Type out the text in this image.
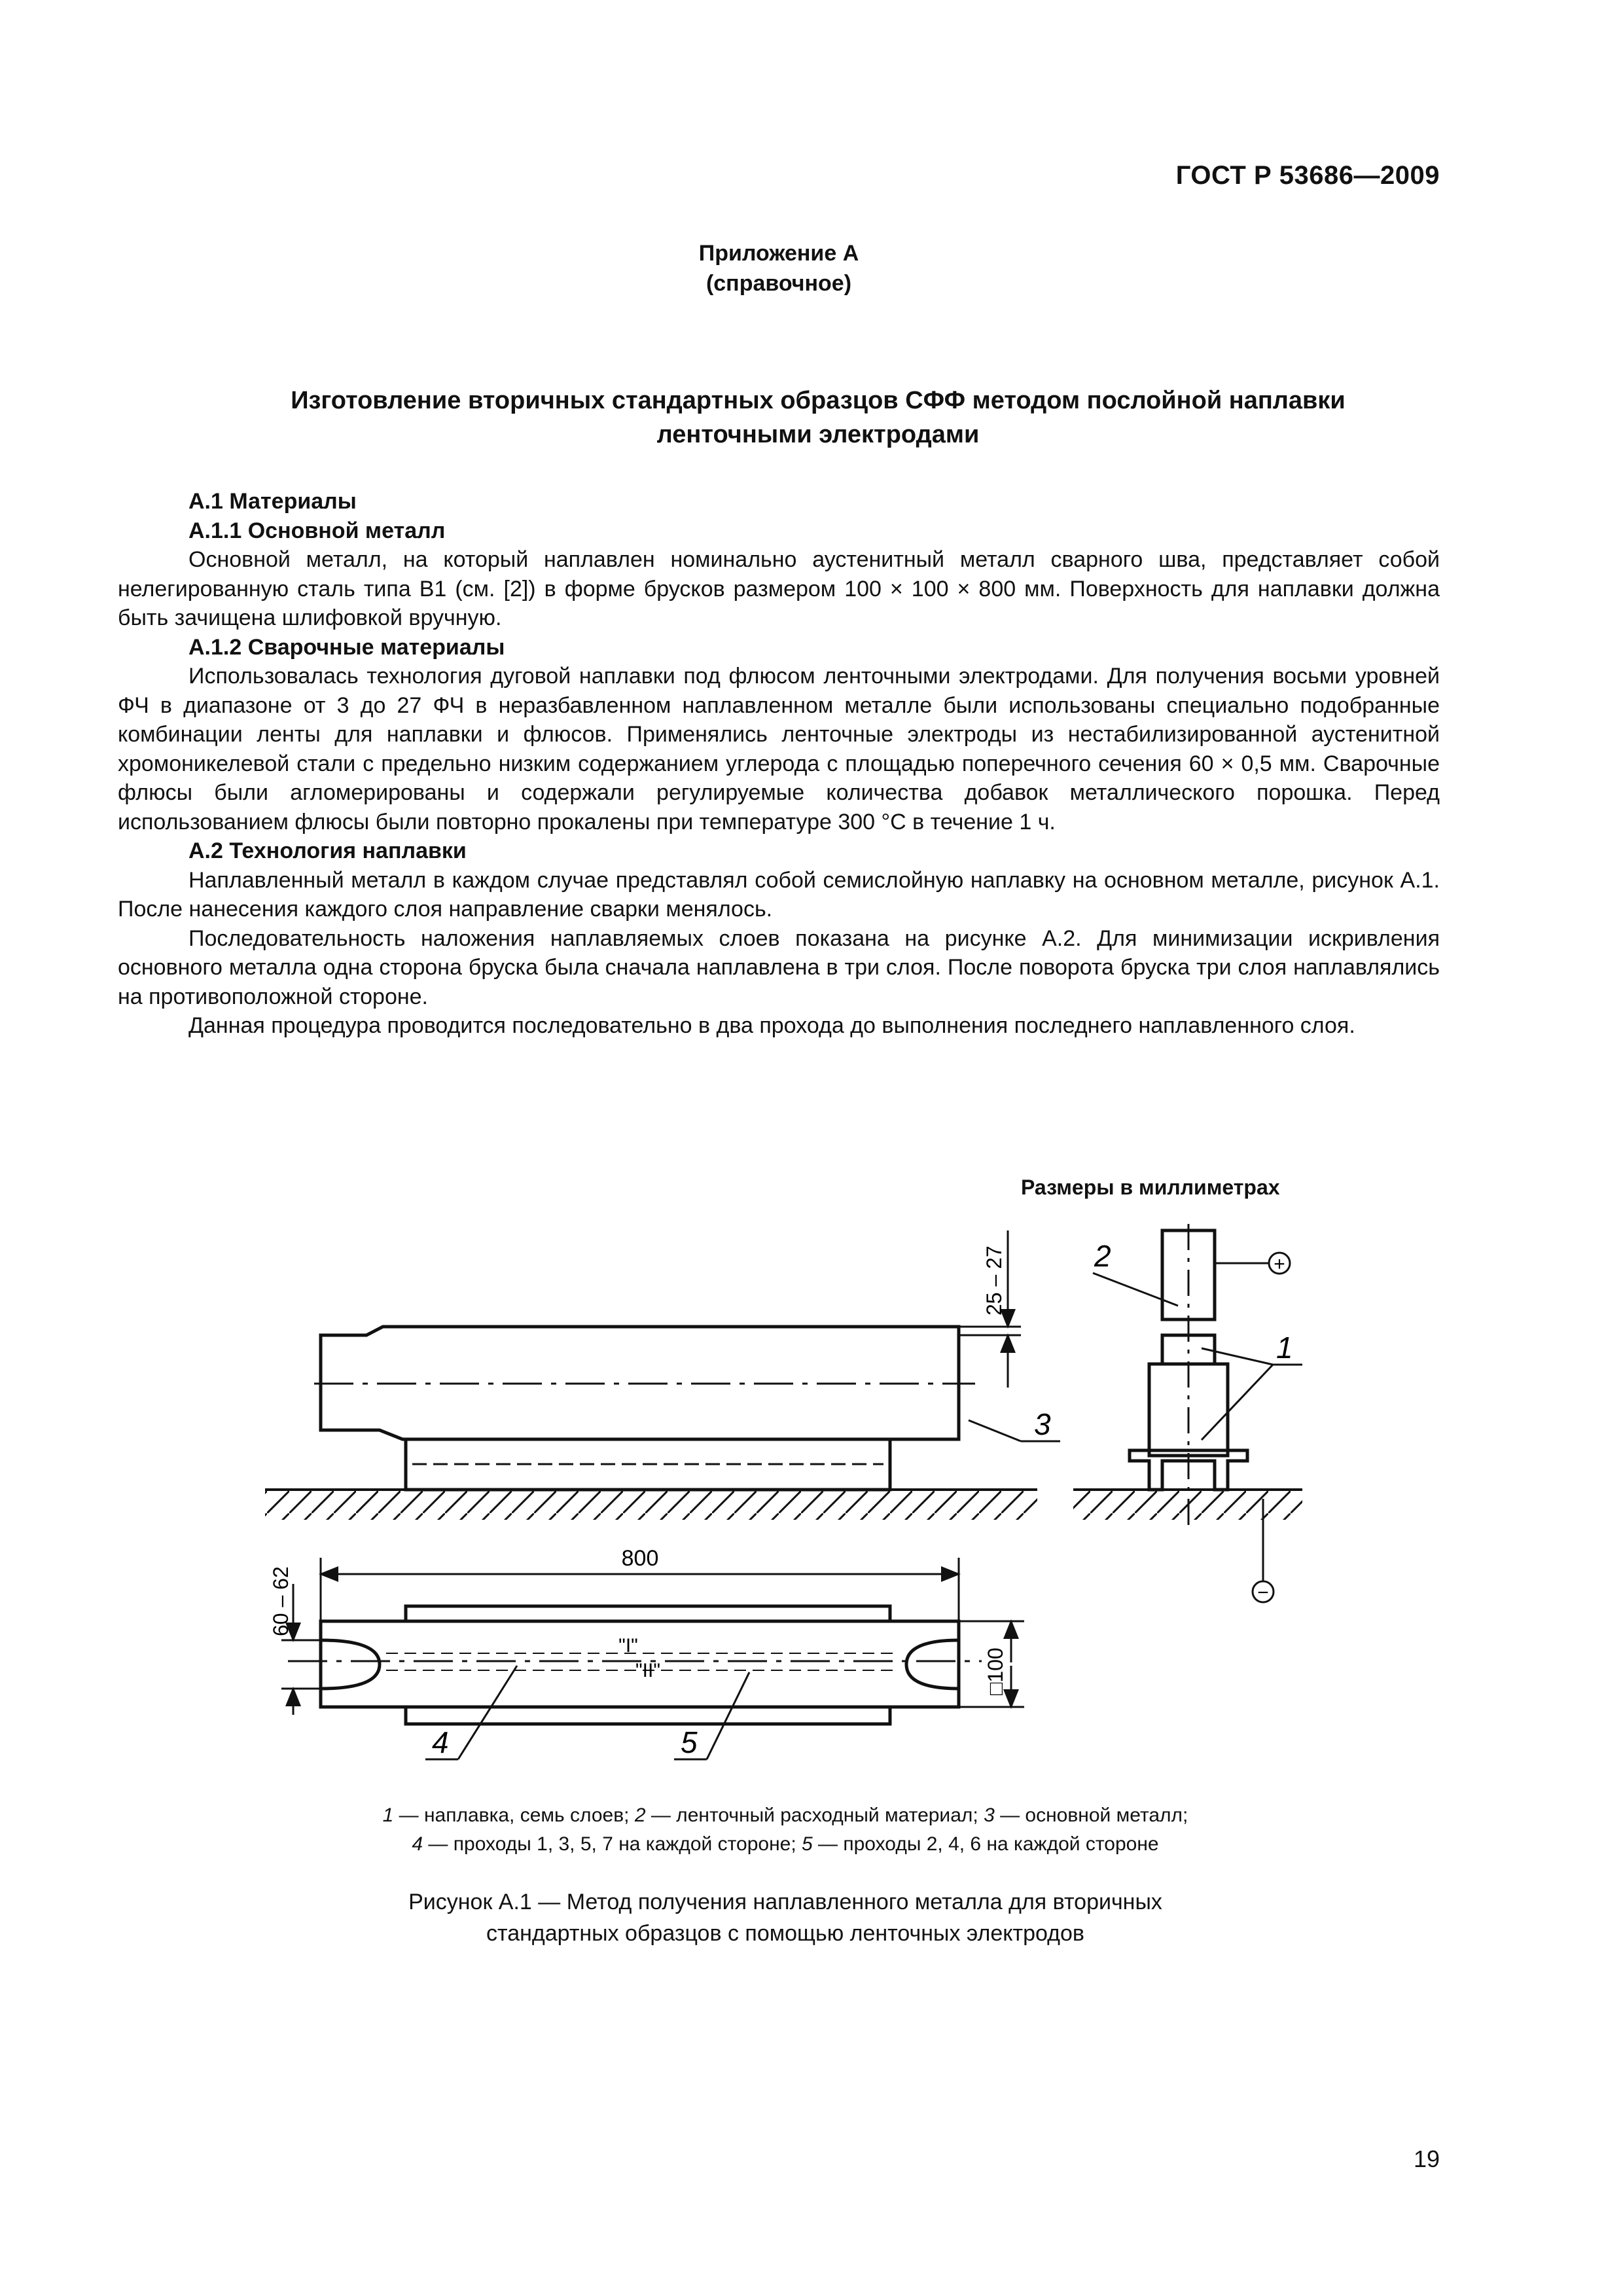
ГОСТ Р 53686—2009
Приложение А
(справочное)
Изготовление вторичных стандартных образцов СФФ методом послойной наплавки
ленточными электродами

А.1 Материалы

А.1.1 Основной металл

Основной металл, на который наплавлен номинально аустенитный металл сварного шва, представляет собой нелегированную сталь типа В1 (см. [2]) в форме брусков размером 100 × 100 × 800 мм. Поверхность для наплавки должна быть зачищена шлифовкой вручную.

А.1.2 Сварочные материалы

Использовалась технология дуговой наплавки под флюсом ленточными электродами. Для получения восьми уровней ФЧ в диапазоне от 3 до 27 ФЧ в неразбавленном наплавленном металле были использованы специально подобранные комбинации ленты для наплавки и флюсов. Применялись ленточные электроды из нестабилизированной аустенитной хромоникелевой стали с предельно низким содержанием углерода с площадью поперечного сечения 60 × 0,5 мм. Сварочные флюсы были агломерированы и содержали регулируемые количества добавок металлического порошка. Перед использованием флюсы были повторно прокалены при температуре 300 °С в течение 1 ч.

А.2 Технология наплавки

Наплавленный металл в каждом случае представлял собой семислойную наплавку на основном металле, рисунок А.1. После нанесения каждого слоя направление сварки менялось.

Последовательность наложения наплавляемых слоев показана на рисунке А.2. Для минимизации искривления основного металла одна сторона бруска была сначала наплавлена в три слоя. После поворота бруска три слоя наплавлялись на противоположной стороне.

Данная процедура проводится последовательно в два прохода до выполнения последнего наплавленного слоя.

Размеры в миллиметрах
25 – 27
3
+
−
2
1
"I"
"II"
800
60 – 62
□100
4	5
1 — наплавка, семь слоев; 2 — ленточный расходный материал; 3 — основной металл;
4 — проходы 1, 3, 5, 7 на каждой стороне; 5 — проходы 2, 4, 6 на каждой стороне
Рисунок А.1 — Метод получения наплавленного металла для вторичных
стандартных образцов с помощью ленточных электродов
19
